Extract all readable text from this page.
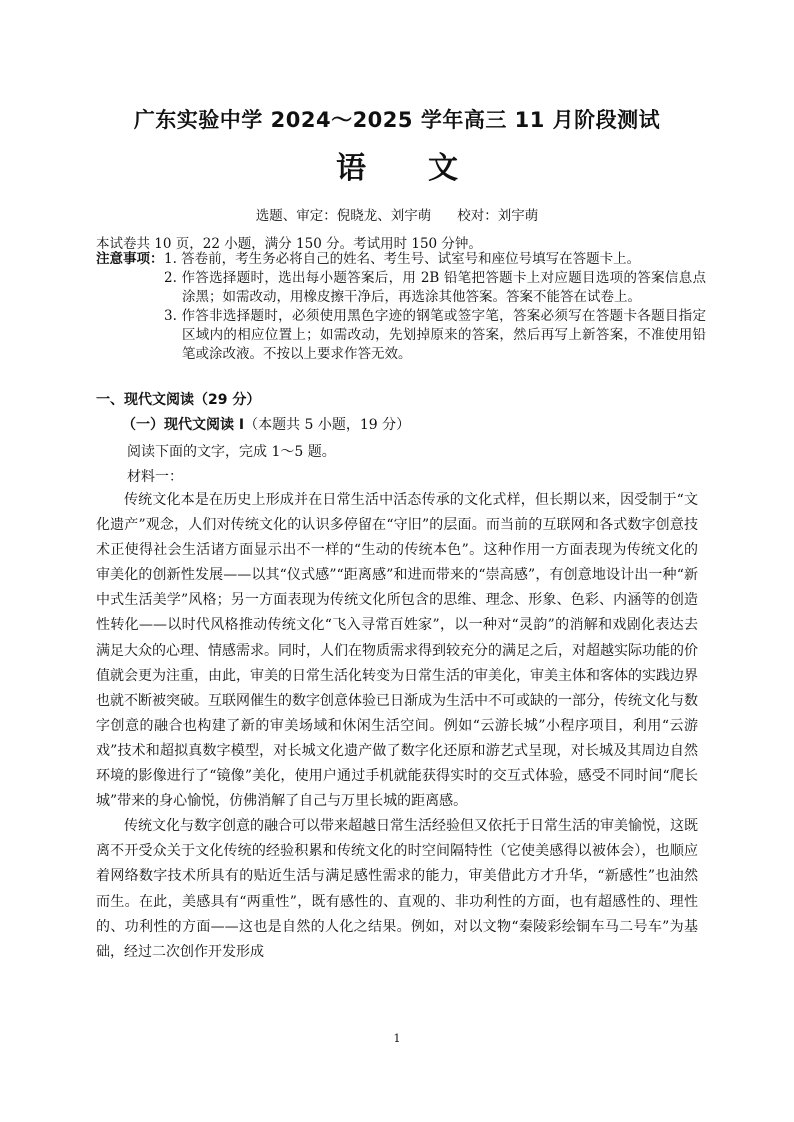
广东实验中学 2024～2025 学年高三 11 月阶段测试
语文
选题、审定：倪晓龙、刘宇萌 校对：刘宇萌
本试卷共 10 页，22 小题，满分 150 分。考试用时 150 分钟。
注意事项： 1. 答卷前，考生务必将自己的姓名、考生号、试室号和座位号填写在答题卡上。
2. 作答选择题时，选出每小题答案后，用 2B 铅笔把答题卡上对应题目选项的答案信息点涂黑；如需改动，用橡皮擦干净后，再选涂其他答案。答案不能答在试卷上。
3. 作答非选择题时，必须使用黑色字迹的钢笔或签字笔，答案必须写在答题卡各题目指定区域内的相应位置上；如需改动，先划掉原来的答案，然后再写上新答案，不准使用铅笔或涂改液。不按以上要求作答无效。
一、现代文阅读（29 分）
（一）现代文阅读 I（本题共 5 小题，19 分）
阅读下面的文字，完成 1～5 题。
材料一：

传统文化本是在历史上形成并在日常生活中活态传承的文化式样，但长期以来，因受制于“文化遗产”观念，人们对传统文化的认识多停留在“守旧”的层面。而当前的互联网和各式数字创意技术正使得社会生活诸方面显示出不一样的“生动的传统本色”。这种作用一方面表现为传统文化的审美化的创新性发展——以其“仪式感”“距离感”和进而带来的“崇高感”，有创意地设计出一种“新中式生活美学”风格；另一方面表现为传统文化所包含的思维、理念、形象、色彩、内涵等的创造性转化——以时代风格推动传统文化“飞入寻常百姓家”，以一种对“灵韵”的消解和戏剧化表达去满足大众的心理、情感需求。同时，人们在物质需求得到较充分的满足之后，对超越实际功能的价值就会更为注重，由此，审美的日常生活化转变为日常生活的审美化，审美主体和客体的实践边界也就不断被突破。互联网催生的数字创意体验已日渐成为生活中不可或缺的一部分，传统文化与数字创意的融合也构建了新的审美场域和休闲生活空间。例如“云游长城”小程序项目，利用“云游戏”技术和超拟真数字模型，对长城文化遗产做了数字化还原和游艺式呈现，对长城及其周边自然环境的影像进行了“镜像”美化，使用户通过手机就能获得实时的交互式体验，感受不同时间“爬长城”带来的身心愉悦，仿佛消解了自己与万里长城的距离感。

传统文化与数字创意的融合可以带来超越日常生活经验但又依托于日常生活的审美愉悦，这既离不开受众关于文化传统的经验积累和传统文化的时空间隔特性（它使美感得以被体会），也顺应着网络数字技术所具有的贴近生活与满足感性需求的能力，审美借此方才升华，“新感性”也油然而生。在此，美感具有“两重性”，既有感性的、直观的、非功利性的方面，也有超感性的、理性的、功利性的方面——这也是自然的人化之结果。例如，对以文物“秦陵彩绘铜车马二号车”为基础，经过二次创作开发形成

1
